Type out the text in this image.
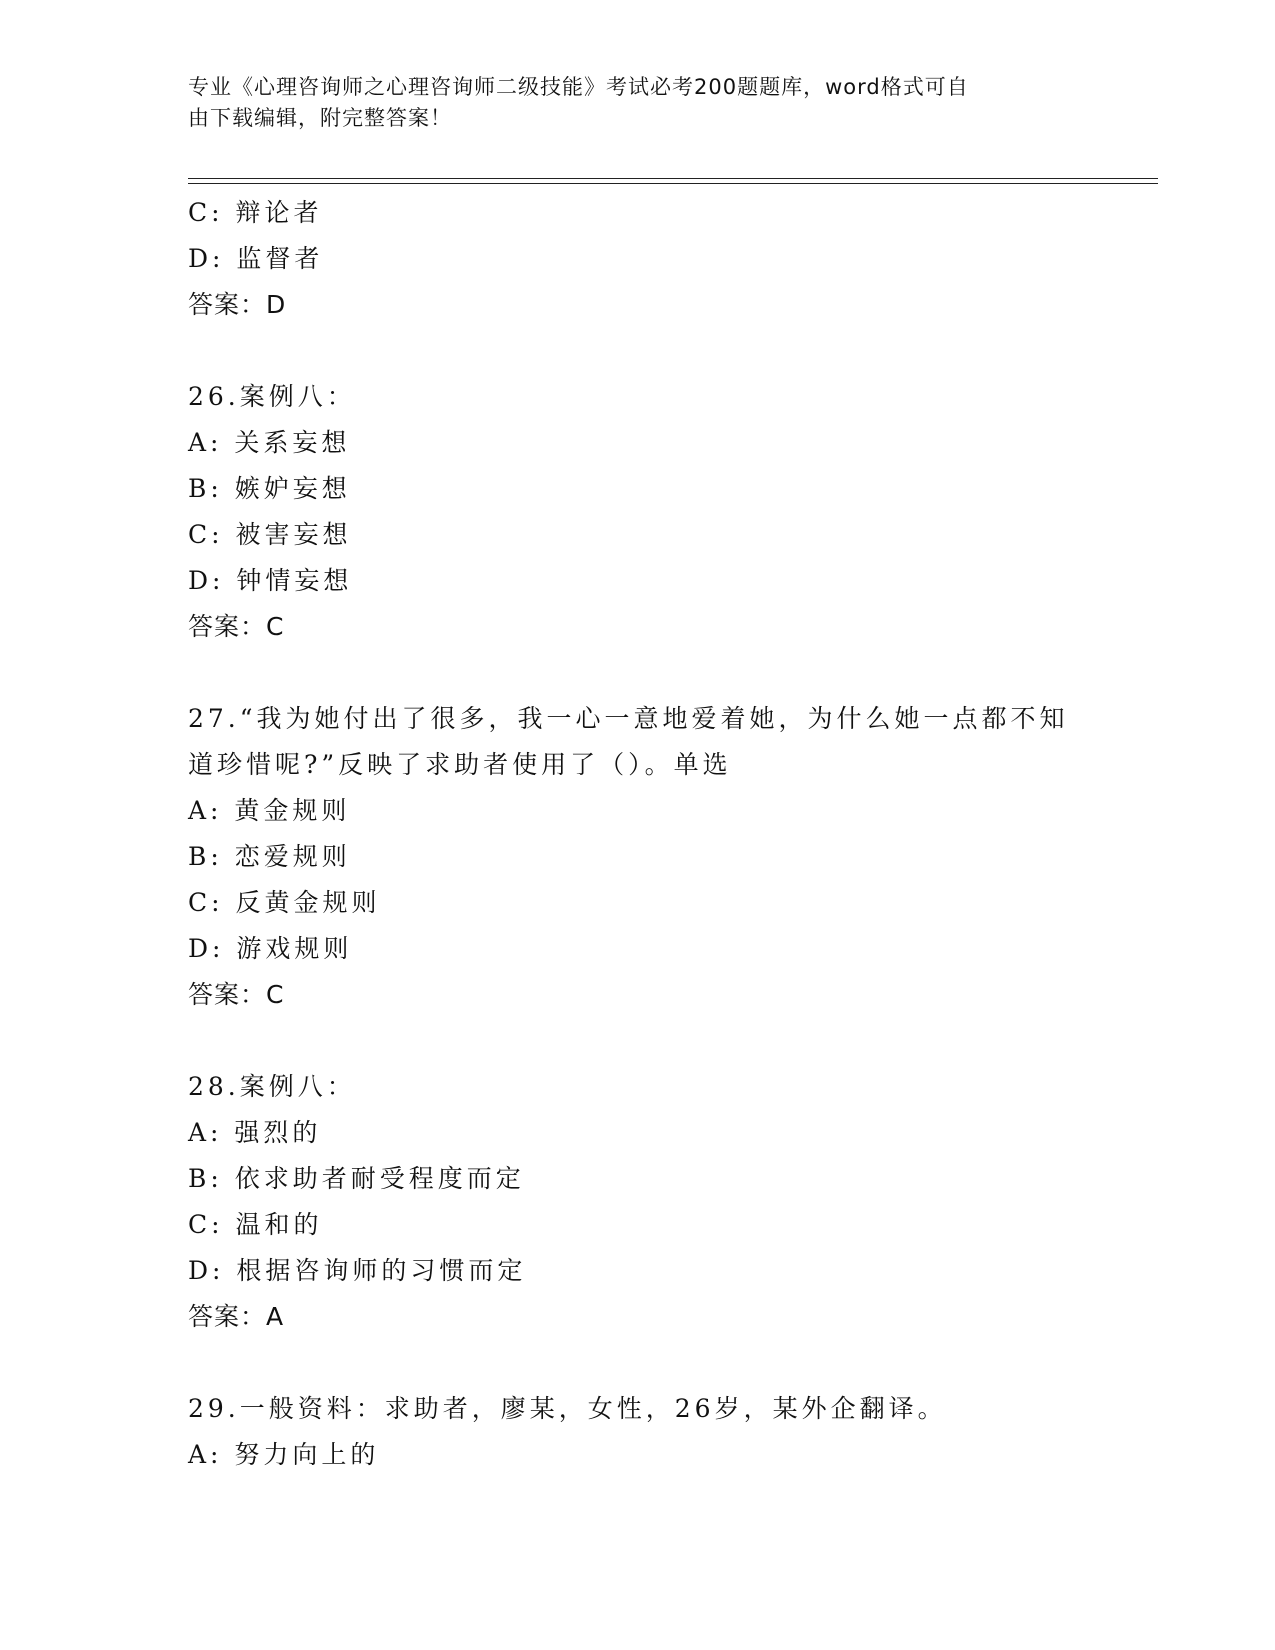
专业《心理咨询师之心理咨询师二级技能》考试必考200题题库，word格式可自
由下载编辑，附完整答案！
C: 辩论者
D: 监督者
答案：D
26.案例八：
A: 关系妄想
B: 嫉妒妄想
C: 被害妄想
D: 钟情妄想
答案：C
27.“我为她付出了很多，我一心一意地爱着她，为什么她一点都不知
道珍惜呢?”反映了求助者使用了（）。单选
A: 黄金规则
B: 恋爱规则
C: 反黄金规则
D: 游戏规则
答案：C
28.案例八：
A: 强烈的
B: 依求助者耐受程度而定
C: 温和的
D: 根据咨询师的习惯而定
答案：A
29.一般资料：求助者，廖某，女性，26岁，某外企翻译。
A: 努力向上的
